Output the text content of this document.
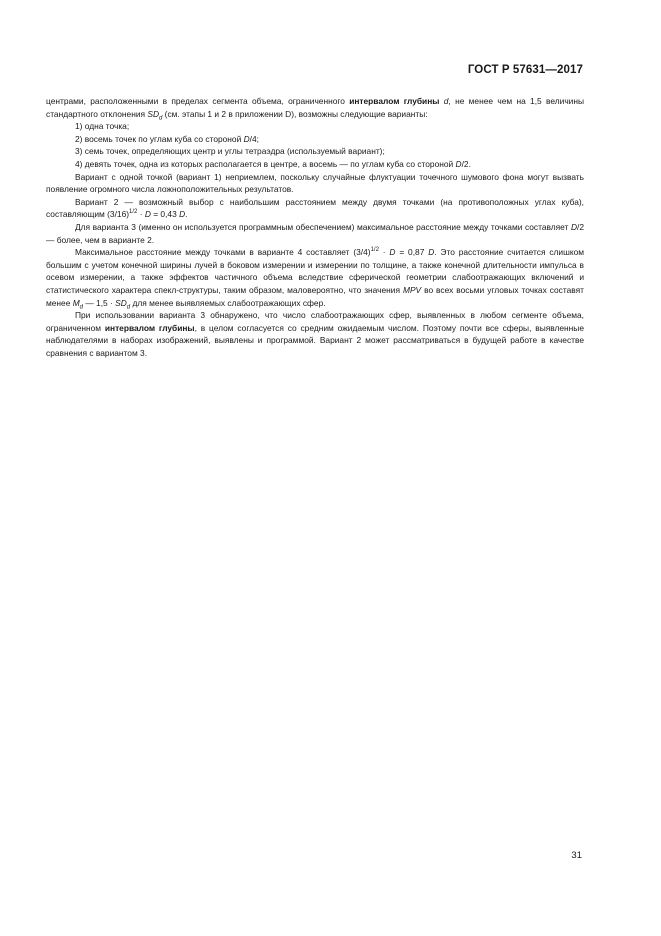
ГОСТ Р 57631—2017

центрами, расположенными в пределах сегмента объема, ограниченного интервалом глубины d, не менее чем на 1,5 величины стандартного отклонения $SD_d$ (см. этапы 1 и 2 в приложении D), возможны следующие варианты:

1) одна точка;

2) восемь точек по углам куба со стороной D/4;

3) семь точек, определяющих центр и углы тетраэдра (используемый вариант);

4) девять точек, одна из которых располагается в центре, а восемь — по углам куба со стороной D/2.

Вариант с одной точкой (вариант 1) неприемлем, поскольку случайные флуктуации точечного шумового фона могут вызвать появление огромного числа ложноположительных результатов.

Вариант 2 — возможный выбор с наибольшим расстоянием между двумя точками (на противоположных углах куба), составляющим $(3/16)^{1/2} \cdot D = 0,43$ D.

Для варианта 3 (именно он используется программным обеспечением) максимальное расстояние между точками составляет D/2 — более, чем в варианте 2.

Максимальное расстояние между точками в варианте 4 составляет $(3/4)^{1/2} \cdot D = 0,87$ D. Это расстояние считается слишком большим с учетом конечной ширины лучей в боковом измерении и измерении по толщине, а также конечной длительности импульса в осевом измерении, а также эффектов частичного объема вследствие сферической геометрии слабоотражающих включений и статистического характера спекл-структуры, таким образом, маловероятно, что значения MPV во всех восьми угловых точках составят менее $M_d$ — $1,5 \cdot SD_d$ для менее выявляемых слабоотражающих сфер.

При использовании варианта 3 обнаружено, что число слабоотражающих сфер, выявленных в любом сегменте объема, ограниченном интервалом глубины, в целом согласуется со средним ожидаемым числом. Поэтому почти все сферы, выявленные наблюдателями в наборах изображений, выявлены и программой. Вариант 2 может рассматриваться в будущей работе в качестве сравнения с вариантом 3.

31
